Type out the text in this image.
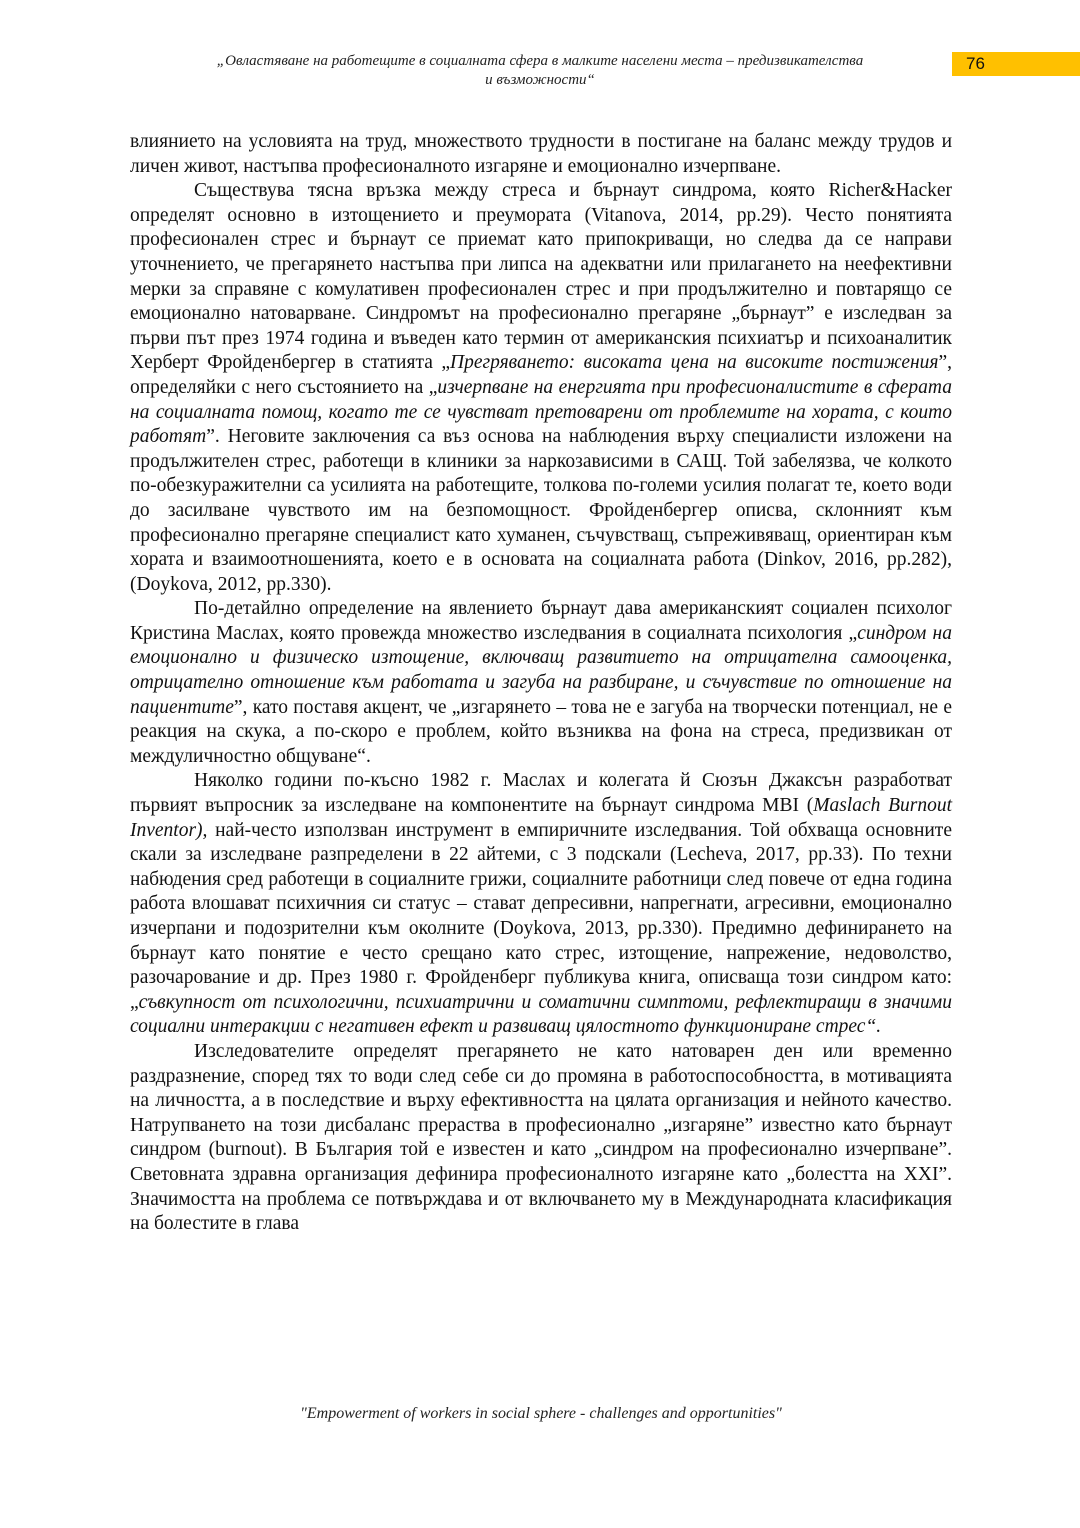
„Овластяване на работещите в социалната сфера в малките населени места – предизвикателства
и възможности“
76

влиянието на условията на труд, множеството трудности в постигане на баланс между трудов и личен живот, настъпва професионалното изгаряне и емоционално изчерпване.

Съществува тясна връзка между стреса и бърнаут синдрома, която Richer&Hacker определят основно в изтощението и преумората (Vitanova, 2014, pp.29). Често понятията професионален стрес и бърнаут се приемат като припокриващи, но следва да се направи уточнението, че прегарянето настъпва при липса на адекватни или прилагането на неефективни мерки за справяне с комулативен професионален стрес и при продължително и повтарящо се емоционално натоварване. Синдромът на професионално прегаряне „бърнаут” е изследван за първи път през 1974 година и въведен като термин от американския психиатър и психоаналитик Херберт Фройденбергер в статията „Прегряването: високата цена на високите постижения”, определяйки с него състоянието на „изчерпване на енергията при професионалистите в сферата на социалната помощ, когато те се чувстват претоварени от проблемите на хората, с които работят”. Неговите заключения са въз основа на наблюдения върху специалисти изложени на продължителен стрес, работещи в клиники за наркозависими в САЩ. Той забелязва, че колкото по-обезкуражителни са усилията на работещите, толкова по-големи усилия полагат те, което води до засилване чувството им на безпомощност. Фройденбергер описва, склонният към професионално прегаряне специалист като хуманен, съчувстващ, съпреживяващ, ориентиран към хората и взаимоотношенията, което е в основата на социалната работа (Dinkov, 2016, pp.282), (Doykova, 2012, pp.330).

По-детайлно определение на явлението бърнаут дава американският социален психолог Кристина Маслах, която провежда множество изследвания в социалната психология „синдром на емоционално и физическо изтощение, включващ развитието на отрицателна самооценка, отрицателно отношение към работата и загуба на разбиране, и съчувствие по отношение на пациентите”, като поставя акцент, че „изгарянето – това не е загуба на творчески потенциал, не е реакция на скука, а по-скоро е проблем, който възниква на фона на стреса, предизвикан от междуличностно общуване“.

Няколко години по-късно 1982 г. Маслах и колегата й Сюзън Джаксън разработват първият въпросник за изследване на компонентите на бърнаут синдрома MBI (Maslach Burnout Inventor), най-често използван инструмент в емпиричните изследвания. Той обхваща основните скали за изследване разпределени в 22 айтеми, с 3 подскали (Lecheva, 2017, pp.33). По техни набюдения сред работещи в социалните грижи, социалните работници след повече от една година работа влошават психичния си статус – стават депресивни, напрегнати, агресивни, емоционално изчерпани и подозрителни към околните (Doykova, 2013, pp.330). Предимно дефинирането на бърнаут като понятие е често срещано като стрес, изтощение, напрежение, недоволство, разочарование и др. През 1980 г. Фройденберг публикува книга, описваща този синдром като: „съвкупност от психологични, психиатрични и соматични симптоми, рефлектиращи в значими социални интеракции с негативен ефект и развиващ цялостното функциониране стрес“.

Изследователите определят прегарянето не като натоварен ден или временно раздразнение, според тях то води след себе си до промяна в работоспособността, в мотивацията на личността, а в последствие и върху ефективността на цялата организация и нейното качество. Натрупването на този дисбаланс прераства в професионално „изгаряне” известно като бърнаут синдром (burnout). В България той е известен и като „синдром на професионално изчерпване”. Световната здравна организация дефинира професионалното изгаряне като „болестта на XXI”. Значимостта на проблема се потвърждава и от включването му в Международната класификация на болестите в глава

"Empowerment of workers in social sphere - challenges and opportunities"
